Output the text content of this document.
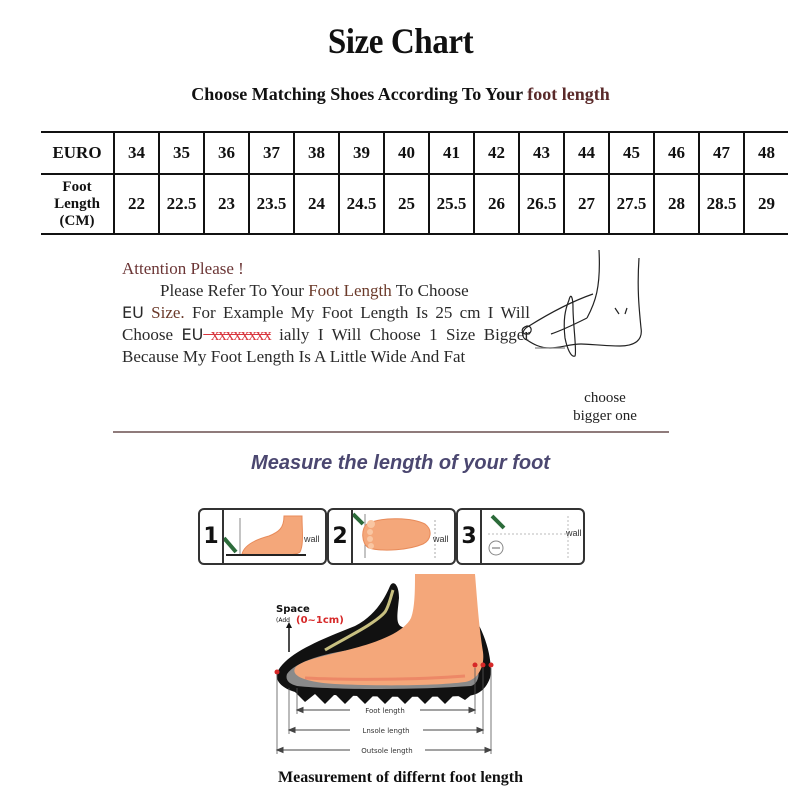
Size Chart
Choose Matching Shoes According To Your foot length
EURO	34	35	36	37	38	39	40	41	42	43	44	45	46	47	48
Foot
Length
(CM)	22	22.5	23	23.5	24	24.5	25	25.5	26	26.5	27	27.5	28	28.5	29

Attention Please !

Please Refer To Your Foot Length To Choose

EU Size. For Example My Foot Length Is 25 cm I Will Choose EU xxxxxxxx ially I Will Choose 1 Size Bigger Because My Foot Length Is A Little Wide And Fat

choose
bigger one
Measure the length of your foot
1	wall 2	wall 3	wall
Space
(Add (0~1cm)
Foot length
Lnsole length
Outsole length
Measurement of differnt foot length
